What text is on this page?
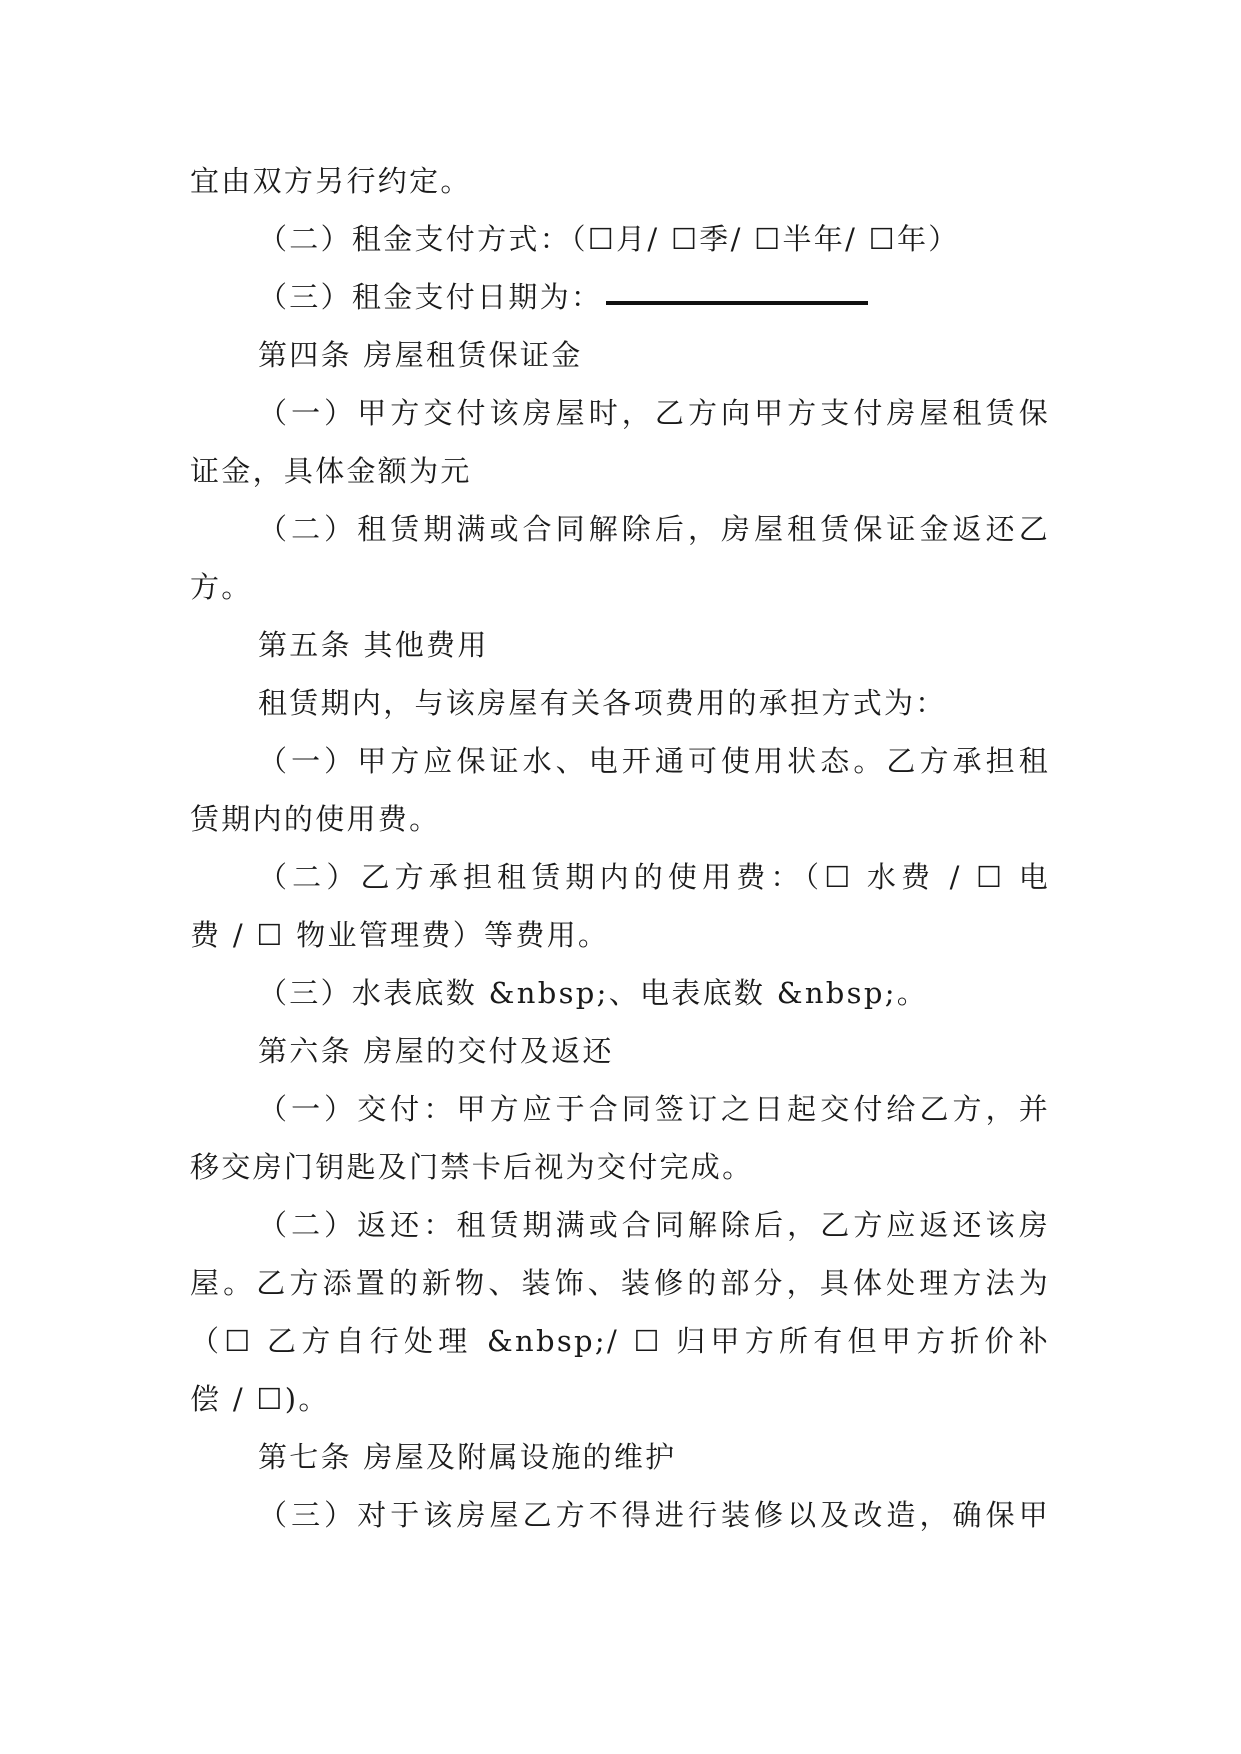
宜由双方另行约定。
（二）租金支付方式：（☐月/ ☐季/ ☐半年/ ☐年）
（三）租金支付日期为：
第四条 房屋租赁保证金
（一）甲方交付该房屋时，乙方向甲方支付房屋租赁保
证金，具体金额为元
（二）租赁期满或合同解除后，房屋租赁保证金返还乙
方。
第五条 其他费用
租赁期内，与该房屋有关各项费用的承担方式为：
（一）甲方应保证水、电开通可使用状态。乙方承担租
赁期内的使用费。
（二）乙方承担租赁期内的使用费：（☐ 水费 / ☐ 电
费 / ☐ 物业管理费）等费用。
（三）水表底数 &nbsp;、电表底数 &nbsp;。
第六条 房屋的交付及返还
（一）交付：甲方应于合同签订之日起交付给乙方，并
移交房门钥匙及门禁卡后视为交付完成。
（二）返还：租赁期满或合同解除后，乙方应返还该房
屋。乙方添置的新物、装饰、装修的部分，具体处理方法为
（☐ 乙方自行处理 &nbsp;/ ☐ 归甲方所有但甲方折价补
偿 / ☐)。
第七条 房屋及附属设施的维护
（三）对于该房屋乙方不得进行装修以及改造，确保甲
